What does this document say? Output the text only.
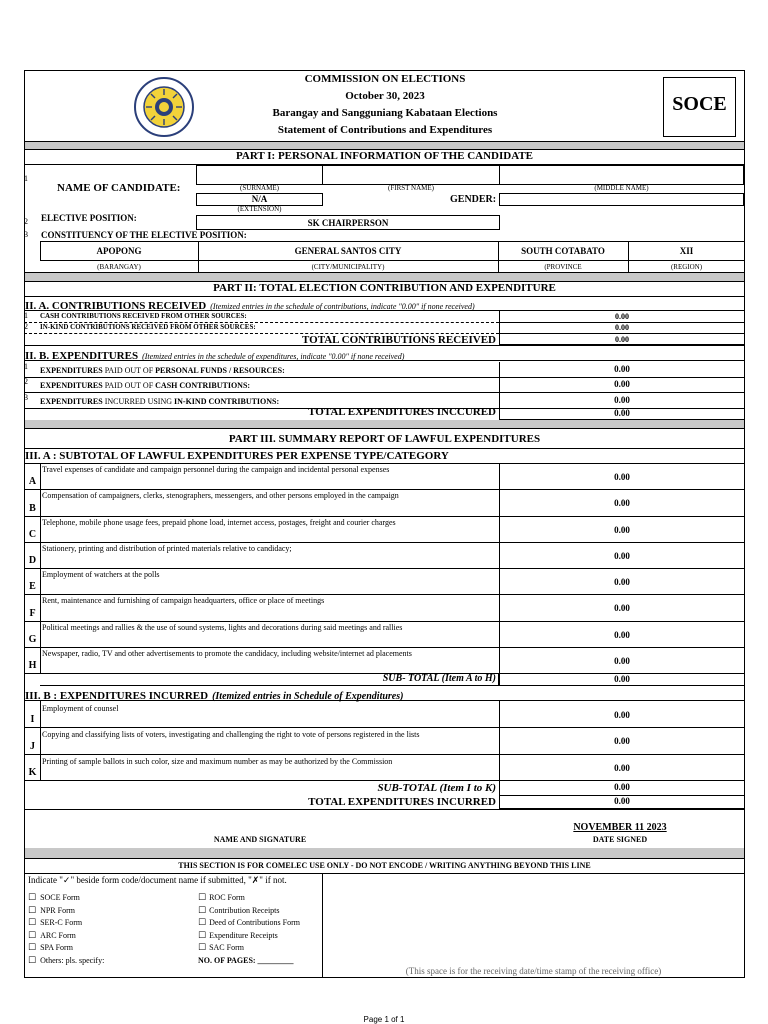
COMMISSION ON ELECTIONS
October 30, 2023
Barangay and Sangguniang Kabataan Elections
Statement of Contributions and Expenditures
SOCE
PART I: PERSONAL INFORMATION OF THE CANDIDATE
1
NAME OF CANDIDATE:	(SURNAME)	(FIRST NAME)	(MIDDLE NAME)
N/A
(EXTENSION)
GENDER:
2 ELECTIVE POSITION:	SK CHAIRPERSON
3 CONSTITUENCY OF THE ELECTIVE POSITION:
APOPONG	GENERAL SANTOS CITY	SOUTH COTABATO	XII
(BARANGAY)	(CITY/MUNICIPALITY)	(PROVINCE	(REGION)
PART II: TOTAL ELECTION CONTRIBUTION AND EXPENDITURE
II. A. CONTRIBUTIONS RECEIVED (Itemized entries in the schedule of contributions, indicate "0.00" if none received)
1 CASH CONTRIBUTIONS RECEIVED FROM OTHER SOURCES:	0.00
2 IN-KIND CONTRIBUTIONS RECEIVED FROM OTHER SOURCES:	0.00
TOTAL CONTRIBUTIONS RECEIVED	0.00
II. B. EXPENDITURES (Itemized entries in the schedule of expenditures, indicate "0.00" if none received)
1 EXPENDITURES PAID OUT OF PERSONAL FUNDS / RESOURCES:	0.00
2 EXPENDITURES PAID OUT OF CASH CONTRIBUTIONS:	0.00
3 EXPENDITURES INCURRED USING IN-KIND CONTRIBUTIONS:	0.00
TOTAL EXPENDITURES INCCURED	0.00
PART III. SUMMARY REPORT OF LAWFUL EXPENDITURES
III. A : SUBTOTAL OF LAWFUL EXPENDITURES PER EXPENSE TYPE/CATEGORY
A
Travel expenses of candidate and campaign personnel during the campaign and incidental personal expenses
0.00
B
Compensation of campaigners, clerks, stenographers, messengers, and other persons employed in the campaign
0.00
C
Telephone, mobile phone usage fees, prepaid phone load, internet access, postages, freight and courier charges
0.00
D
Stationery, printing and distribution of printed materials relative to candidacy;
0.00
E
Employment of watchers at the polls
0.00
F
Rent, maintenance and furnishing of campaign headquarters, office or place of meetings
0.00
G
Political meetings and rallies & the use of sound systems, lights and decorations during said meetings and rallies
0.00
H
Newspaper, radio, TV and other advertisements to promote the candidacy, including website/internet ad placements
0.00
SUB- TOTAL (Item A to H)	0.00
III. B : EXPENDITURES INCURRED (Itemized entries in Schedule of Expenditures)
I
Employment of counsel
0.00
J
Copying and classifying lists of voters, investigating and challenging the right to vote of persons registered in the lists
0.00
K
Printing of sample ballots in such color, size and maximum number as may be authorized by the Commission
0.00
SUB-TOTAL (Item I to K)	0.00
TOTAL EXPENDITURES INCURRED	0.00
NAME AND SIGNATURE
NOVEMBER 11 2023
DATE SIGNED
THIS SECTION IS FOR COMELEC USE ONLY - DO NOT ENCODE / WRITING ANYTHING BEYOND THIS LINE
Indicate "✓" beside form code/document name if submitted, "✗" if not.
☐ SOCE Form
☐ NPR Form
☐ SER-C Form
☐ ARC Form
☐ SPA Form
☐ Others: pls. specify:
☐ ROC Form
☐ Contribution Receipts
☐ Deed of Contributions Form
☐ Expenditure Receipts
☐ SAC Form
NO. OF PAGES: _________
(This space is for the receiving date/time stamp of the receiving office)
Page 1 of 1
